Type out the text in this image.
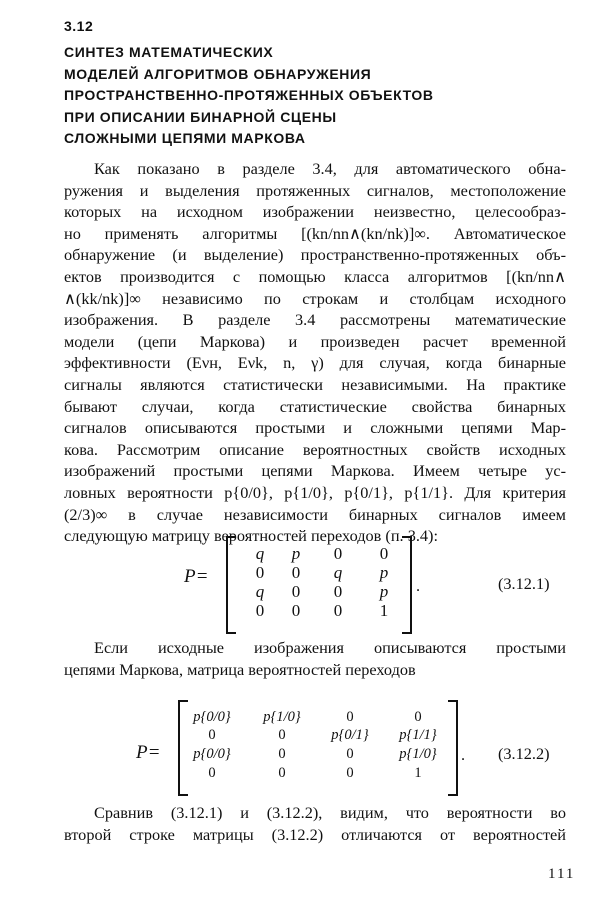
3.12
СИНТЕЗ МАТЕМАТИЧЕСКИХ
МОДЕЛЕЙ АЛГОРИТМОВ ОБНАРУЖЕНИЯ
ПРОСТРАНСТВЕННО-ПРОТЯЖЕННЫХ ОБЪЕКТОВ
ПРИ ОПИСАНИИ БИНАРНОЙ СЦЕНЫ
СЛОЖНЫМИ ЦЕПЯМИ МАРКОВА
Как показано в разделе 3.4, для автоматического обна-
ружения и выделения протяженных сигналов, местоположение
которых на исходном изображении неизвестно, целесообраз-
но применять алгоритмы [(kn/nn∧(kn/nk)]∞. Автоматическое
обнаружение (и выделение) пространственно-протяженных объ-
ектов производится с помощью класса алгоритмов [(kn/nn∧
∧(kk/nk)]∞ независимо по строкам и столбцам исходного
изображения. В разделе 3.4 рассмотрены математические
модели (цепи Маркова) и произведен расчет временной
эффективности (Eνн, Eνk, n, γ) для случая, когда бинарные
сигналы являются статистически независимыми. На практике
бывают случаи, когда статистические свойства бинарных
сигналов описываются простыми и сложными цепями Мар-
кова. Рассмотрим описание вероятностных свойств исходных
изображений простыми цепями Маркова. Имеем четыре ус-
ловных вероятности p{0/0}, p{1/0}, p{0/1}, p{1/1}. Для критерия
(2/3)∞ в случае независимости бинарных сигналов имеем
следующую матрицу вероятностей переходов (п. 3.4):
P=
q	p	0	0
0	0	q	p
q	0	0	p
0	0	0	1
.	(3.12.1)
Если исходные изображения описываются простыми
цепями Маркова, матрица вероятностей переходов
P=
p{0/0}	p{1/0}	0	0
0	0	p{0/1}	p{1/1}
p{0/0}	0	0	p{1/0}
0	0	0	1
. (3.12.2)
Сравнив (3.12.1) и (3.12.2), видим, что вероятности во
второй строке матрицы (3.12.2) отличаются от вероятностей
111
